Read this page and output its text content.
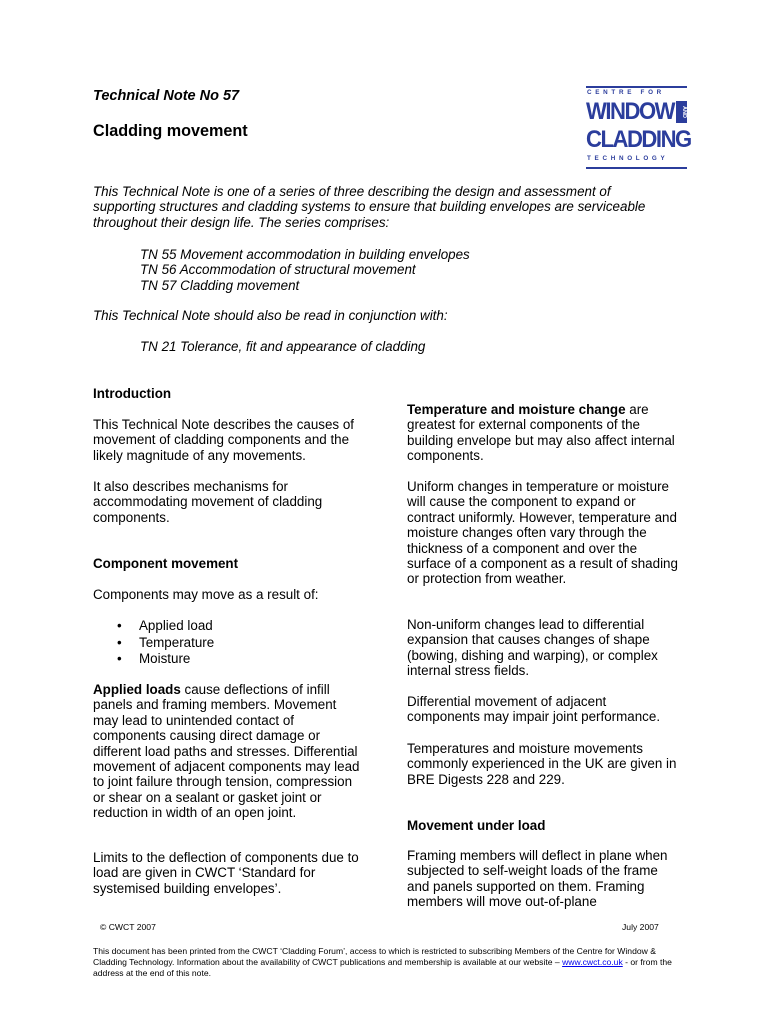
Technical Note No 57
Cladding movement
CENTRE FOR
WINDOW	AND
CLADDING
TECHNOLOGY

This Technical Note is one of a series of three describing the design and assessment of supporting structures and cladding systems to ensure that building envelopes are serviceable throughout their design life. The series comprises:

TN 55 Movement accommodation in building envelopes
TN 56 Accommodation of structural movement
TN 57 Cladding movement
This Technical Note should also be read in conjunction with:
TN 21 Tolerance, fit and appearance of cladding
Introduction

This Technical Note describes the causes of movement of cladding components and the likely magnitude of any movements.

It also describes mechanisms for accommodating movement of cladding components.

Component movement

Components may move as a result of:

• Applied load
• Temperature
• Moisture

Applied loads cause deflections of infill panels and framing members. Movement may lead to unintended contact of components causing direct damage or different load paths and stresses. Differential movement of adjacent components may lead to joint failure through tension, compression or shear on a sealant or gasket joint or reduction in width of an open joint.

Limits to the deflection of components due to load are given in CWCT ‘Standard for systemised building envelopes’.

Temperature and moisture change are greatest for external components of the building envelope but may also affect internal components.

Uniform changes in temperature or moisture will cause the component to expand or contract uniformly. However, temperature and moisture changes often vary through the thickness of a component and over the surface of a component as a result of shading or protection from weather.

Non-uniform changes lead to differential expansion that causes changes of shape (bowing, dishing and warping), or complex internal stress fields.

Differential movement of adjacent components may impair joint performance.

Temperatures and moisture movements commonly experienced in the UK are given in BRE Digests 228 and 229.

Movement under load

Framing members will deflect in plane when subjected to self-weight loads of the frame and panels supported on them. Framing members will move out-of-plane

© CWCT 2007	July 2007

This document has been printed from the CWCT ‘Cladding Forum’, access to which is restricted to subscribing Members of the Centre for Window & Cladding Technology. Information about the availability of CWCT publications and membership is available at our website – www.cwct.co.uk - or from the address at the end of this note.
